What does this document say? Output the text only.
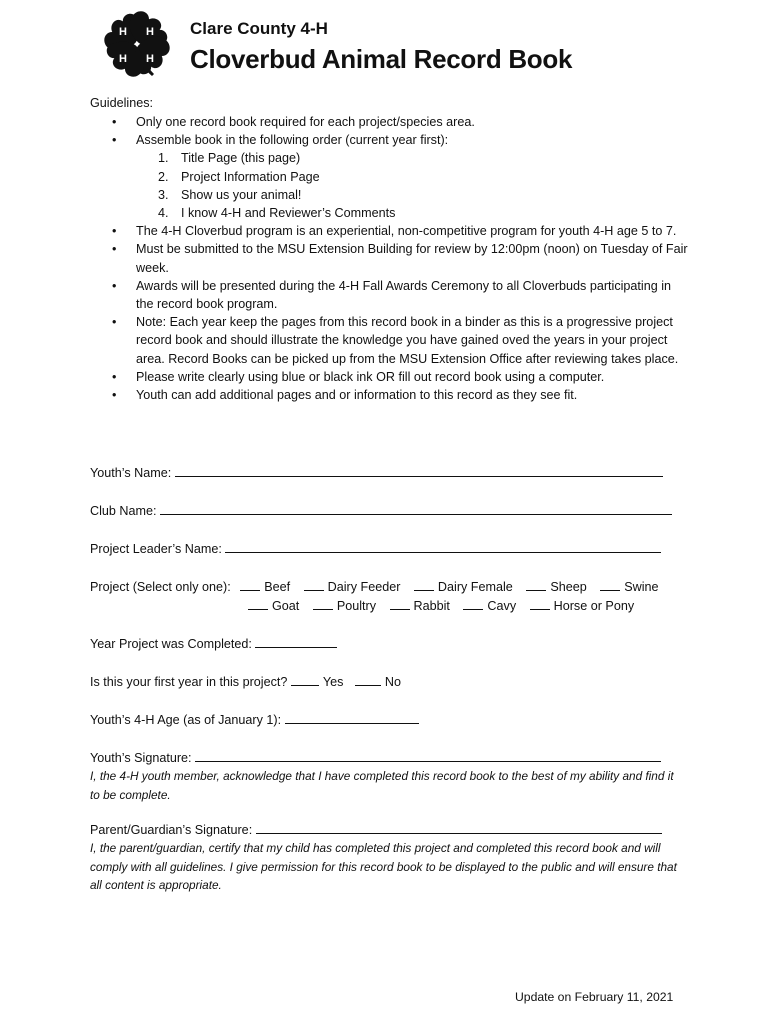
H H
H H
Clare County 4-H
Cloverbud Animal Record Book
Guidelines:
• Only one record book required for each project/species area.
• Assemble book in the following order (current year first):
1. Title Page (this page)
2. Project Information Page
3. Show us your animal!
4. I know 4-H and Reviewer’s Comments
• The 4-H Cloverbud program is an experiential, non-competitive program for youth 4-H age 5 to 7.
• Must be submitted to the MSU Extension Building for review by 12:00pm (noon) on Tuesday of Fair week.
• Awards will be presented during the 4-H Fall Awards Ceremony to all Cloverbuds participating in the record book program.
• Note: Each year keep the pages from this record book in a binder as this is a progressive project record book and should illustrate the knowledge you have gained oved the years in your project area. Record Books can be picked up from the MSU Extension Office after reviewing takes place.
• Please write clearly using blue or black ink OR fill out record book using a computer.
• Youth can add additional pages and or information to this record as they see fit.
Youth’s Name:
Club Name:
Project Leader’s Name:
Project (Select only one):	Beef	Dairy Feeder	Dairy Female	Sheep	Swine
Goat	Poultry	Rabbit	Cavy	Horse or Pony
Year Project was Completed:
Is this your first year in this project?	Yes	No
Youth’s 4-H Age (as of January 1):
Youth’s Signature:
I, the 4-H youth member, acknowledge that I have completed this record book to the best of my ability and find it to be complete.
Parent/Guardian’s Signature:
I, the parent/guardian, certify that my child has completed this project and completed this record book and will comply with all guidelines. I give permission for this record book to be displayed to the public and will ensure that all content is appropriate.
Update on February 11, 2021
